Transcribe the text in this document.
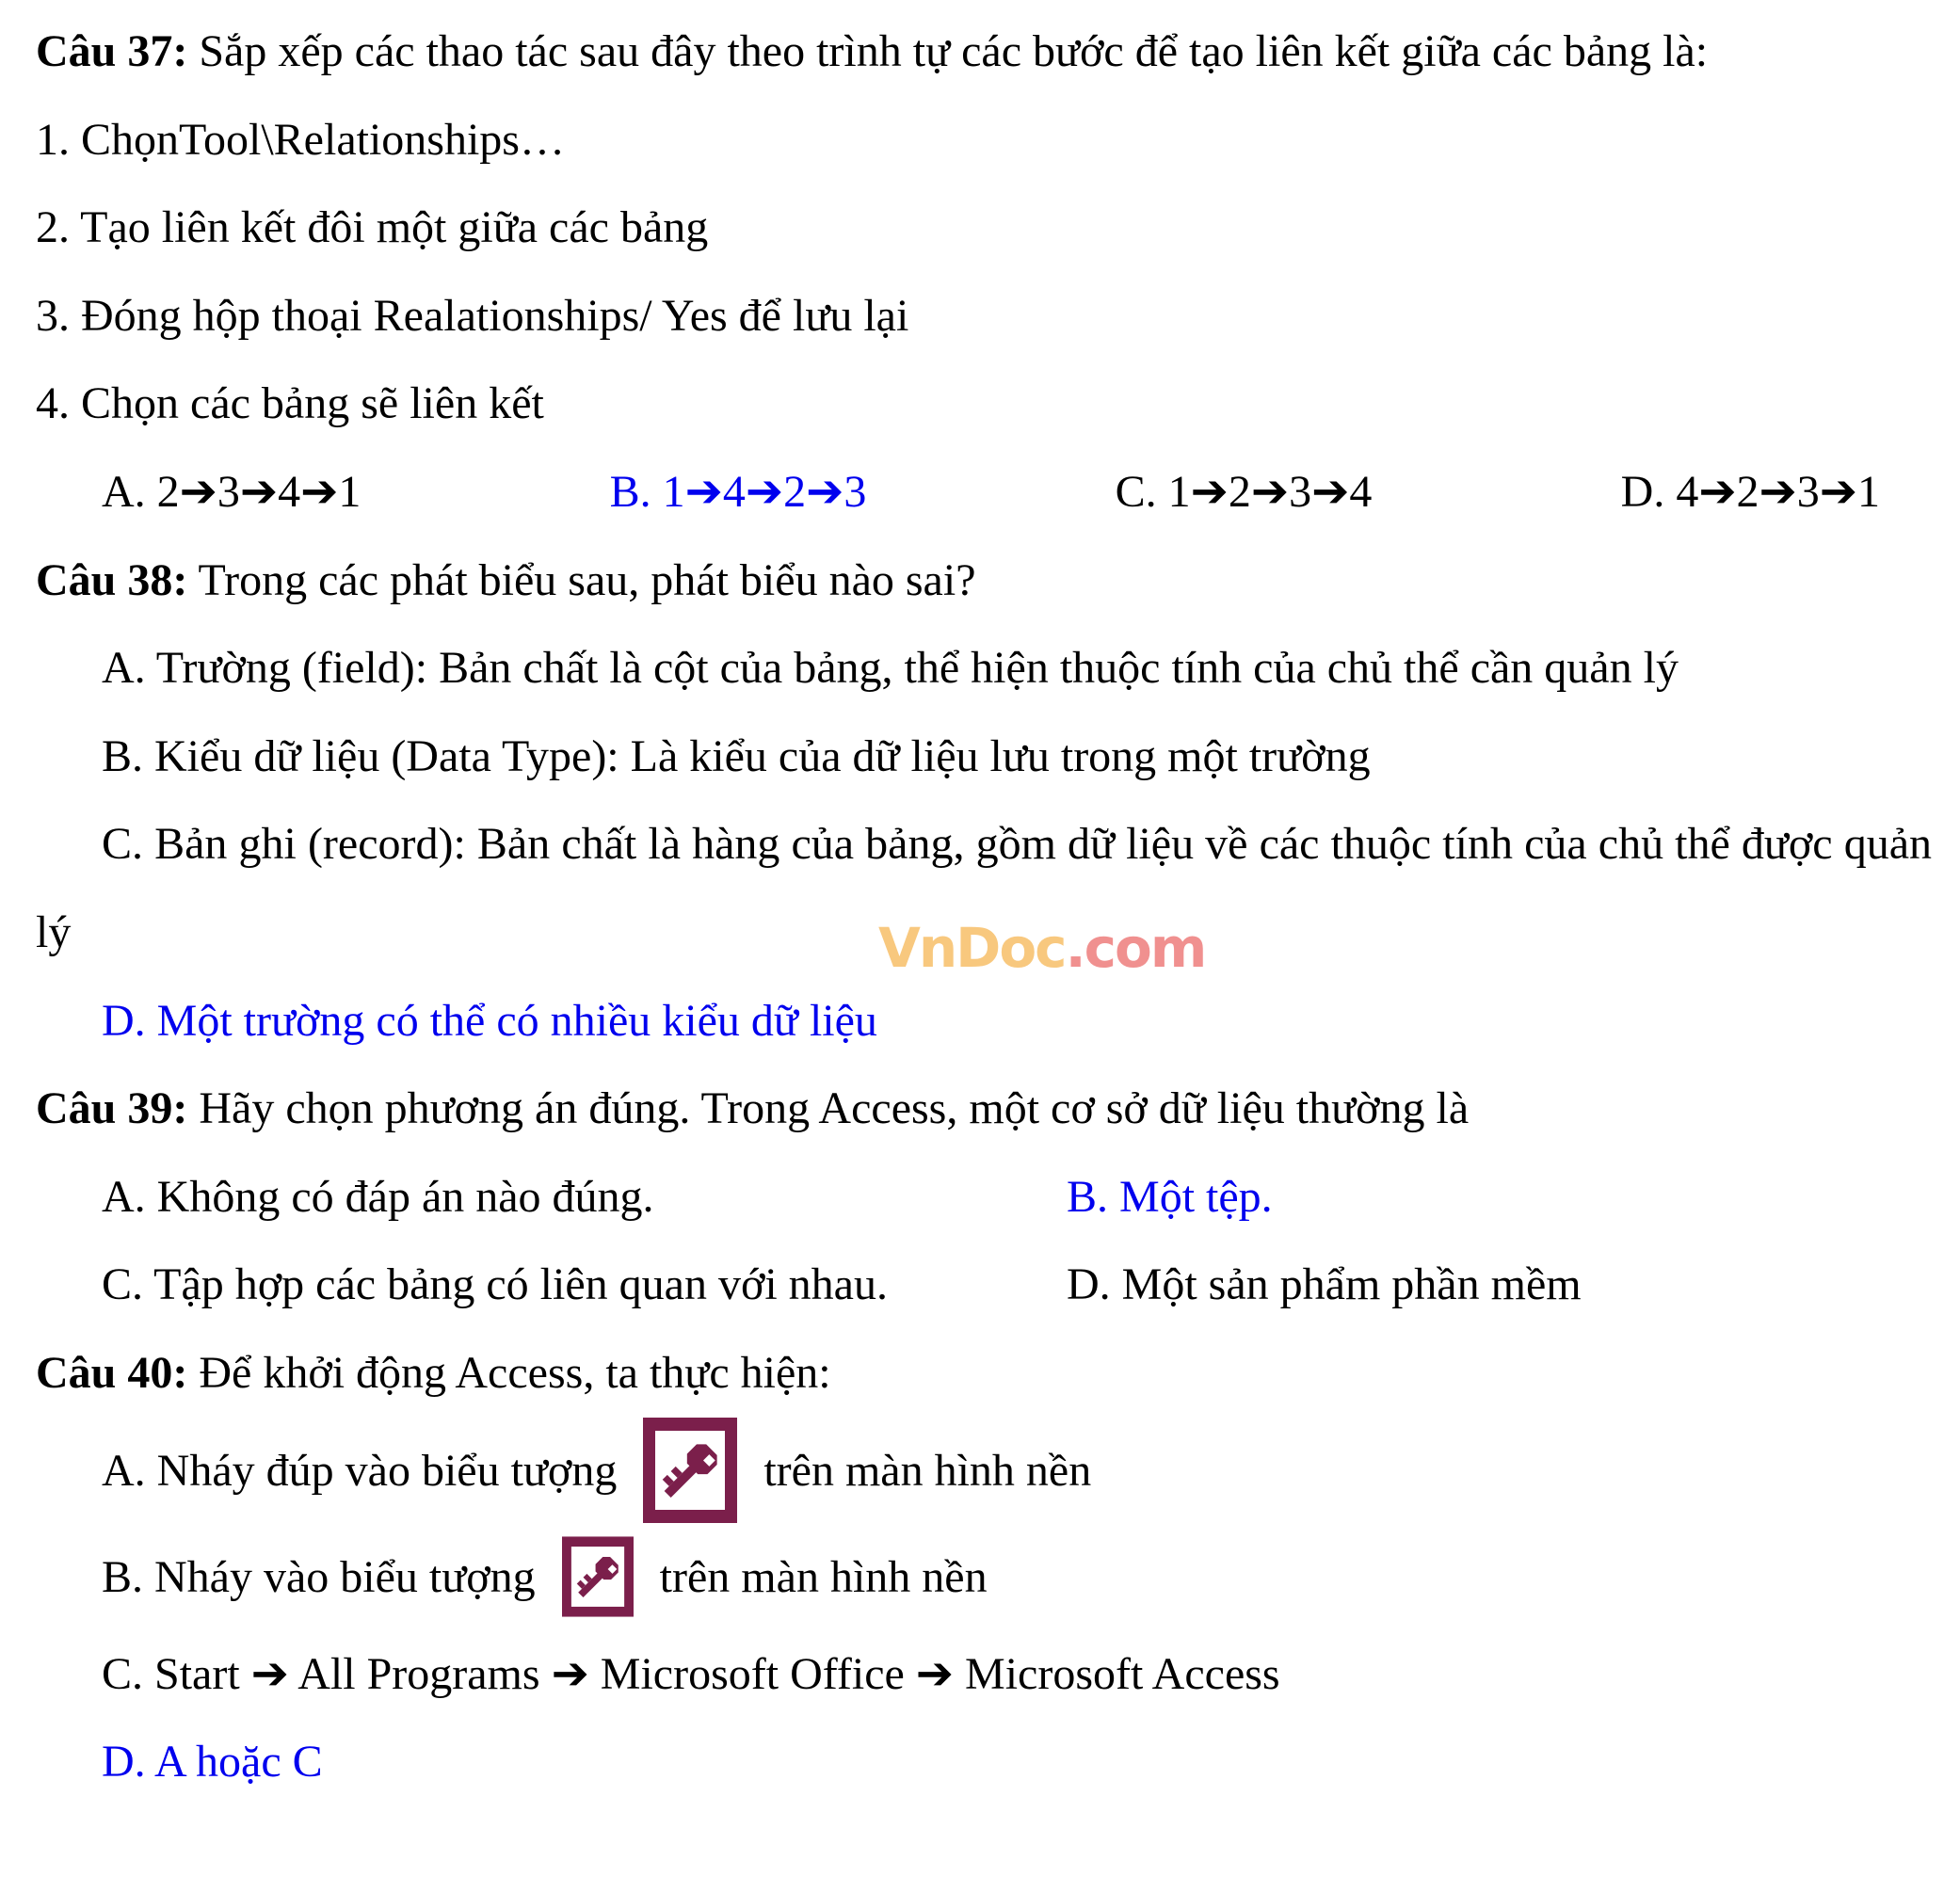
VnDoc.com

Câu 37: Sắp xếp các thao tác sau đây theo trình tự các bước để tạo liên kết giữa các bảng là:

1. ChọnTool\Relationships…

2. Tạo liên kết đôi một giữa các bảng

3. Đóng hộp thoại Realationships/ Yes để lưu lại

4. Chọn các bảng sẽ liên kết

A. 2➔3➔4➔1	B. 1➔4➔2➔3	C. 1➔2➔3➔4	D. 4➔2➔3➔1

Câu 38: Trong các phát biểu sau, phát biểu nào sai?

A. Trường (field): Bản chất là cột của bảng, thể hiện thuộc tính của chủ thể cần quản lý

B. Kiểu dữ liệu (Data Type): Là kiểu của dữ liệu lưu trong một trường

C. Bản ghi (record): Bản chất là hàng của bảng, gồm dữ liệu về các thuộc tính của chủ thể được quản lý

D. Một trường có thể có nhiều kiểu dữ liệu

Câu 39: Hãy chọn phương án đúng. Trong Access, một cơ sở dữ liệu thường là

A. Không có đáp án nào đúng.	B. Một tệp.
C. Tập hợp các bảng có liên quan với nhau.	D. Một sản phẩm phần mềm

Câu 40: Để khởi động Access, ta thực hiện:

A. Nháy đúp vào biểu tượng	trên màn hình nền

B. Nháy vào biểu tượng	trên màn hình nền

C. Start ➔ All Programs ➔ Microsoft Office ➔ Microsoft Access

D. A hoặc C
